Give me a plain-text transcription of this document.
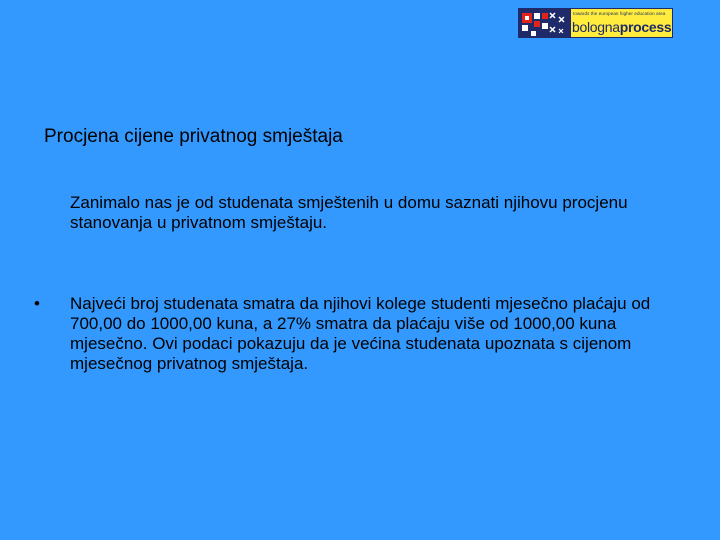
towards the european higher education area
bolognaprocess
Procjena cijene privatnog smještaja
Zanimalo nas je od studenata smještenih u domu saznati njihovu procjenu stanovanja u privatnom smještaju.
•	Najveći broj studenata smatra da njihovi kolege studenti mjesečno plaćaju od 700,00 do 1000,00 kuna, a 27% smatra da plaćaju više od 1000,00 kuna mjesečno. Ovi podaci pokazuju da je većina studenata upoznata s cijenom mjesečnog privatnog smještaja.
